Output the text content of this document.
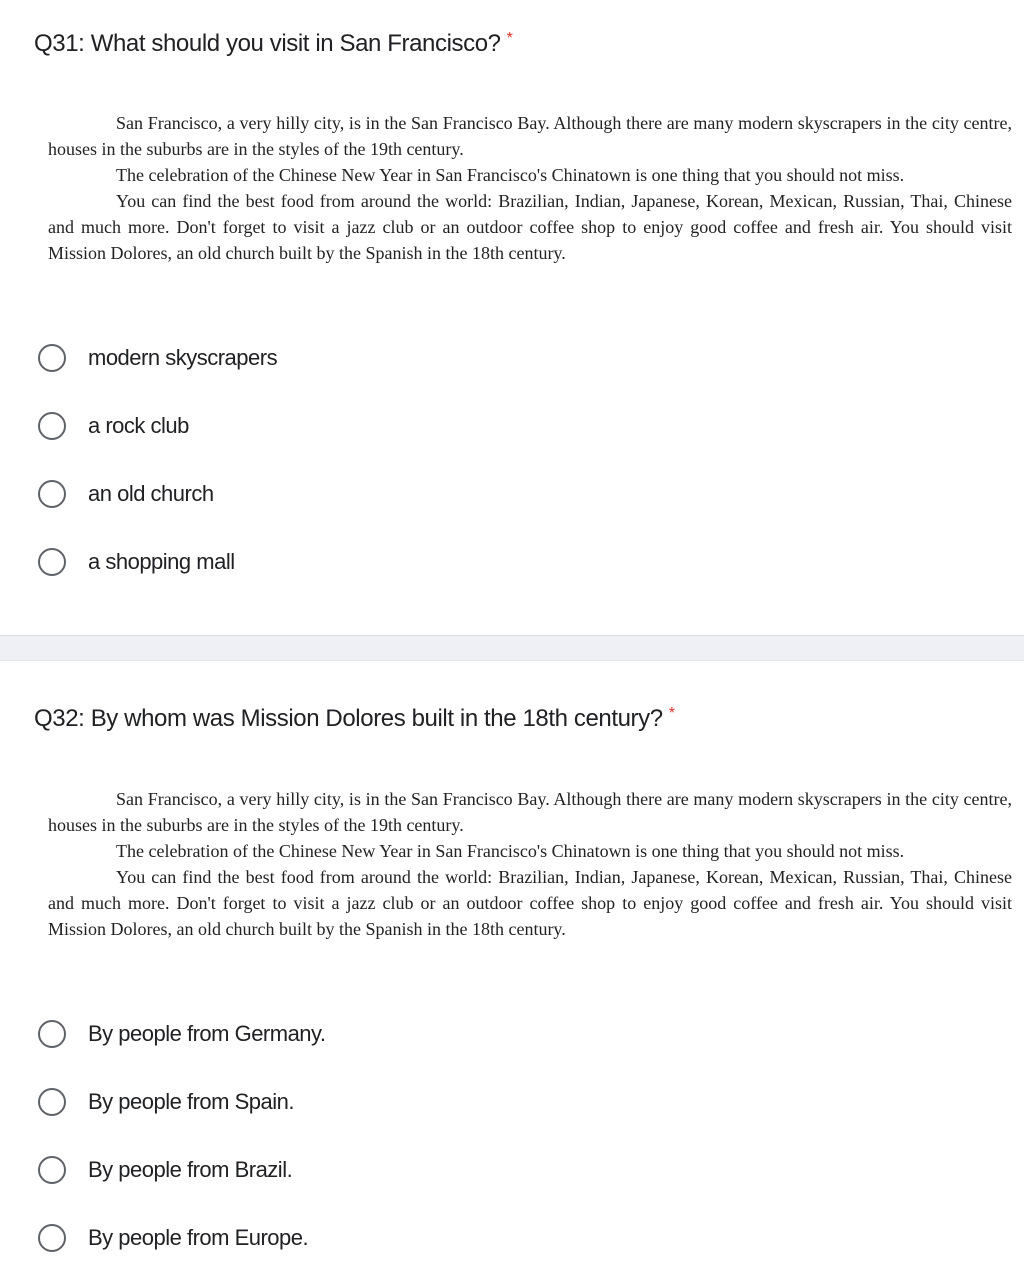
Q31: What should you visit in San Francisco? *

San Francisco, a very hilly city, is in the San Francisco Bay. Although there are many modern skyscrapers in the city centre, houses in the suburbs are in the styles of the 19th century.

The celebration of the Chinese New Year in San Francisco's Chinatown is one thing that you should not miss.

You can find the best food from around the world: Brazilian, Indian, Japanese, Korean, Mexican, Russian, Thai, Chinese and much more. Don't forget to visit a jazz club or an outdoor coffee shop to enjoy good coffee and fresh air. You should visit Mission Dolores, an old church built by the Spanish in the 18th century.

modern skyscrapers
a rock club
an old church
a shopping mall
Q32: By whom was Mission Dolores built in the 18th century? *

San Francisco, a very hilly city, is in the San Francisco Bay. Although there are many modern skyscrapers in the city centre, houses in the suburbs are in the styles of the 19th century.

The celebration of the Chinese New Year in San Francisco's Chinatown is one thing that you should not miss.

You can find the best food from around the world: Brazilian, Indian, Japanese, Korean, Mexican, Russian, Thai, Chinese and much more. Don't forget to visit a jazz club or an outdoor coffee shop to enjoy good coffee and fresh air. You should visit Mission Dolores, an old church built by the Spanish in the 18th century.

By people from Germany.
By people from Spain.
By people from Brazil.
By people from Europe.
